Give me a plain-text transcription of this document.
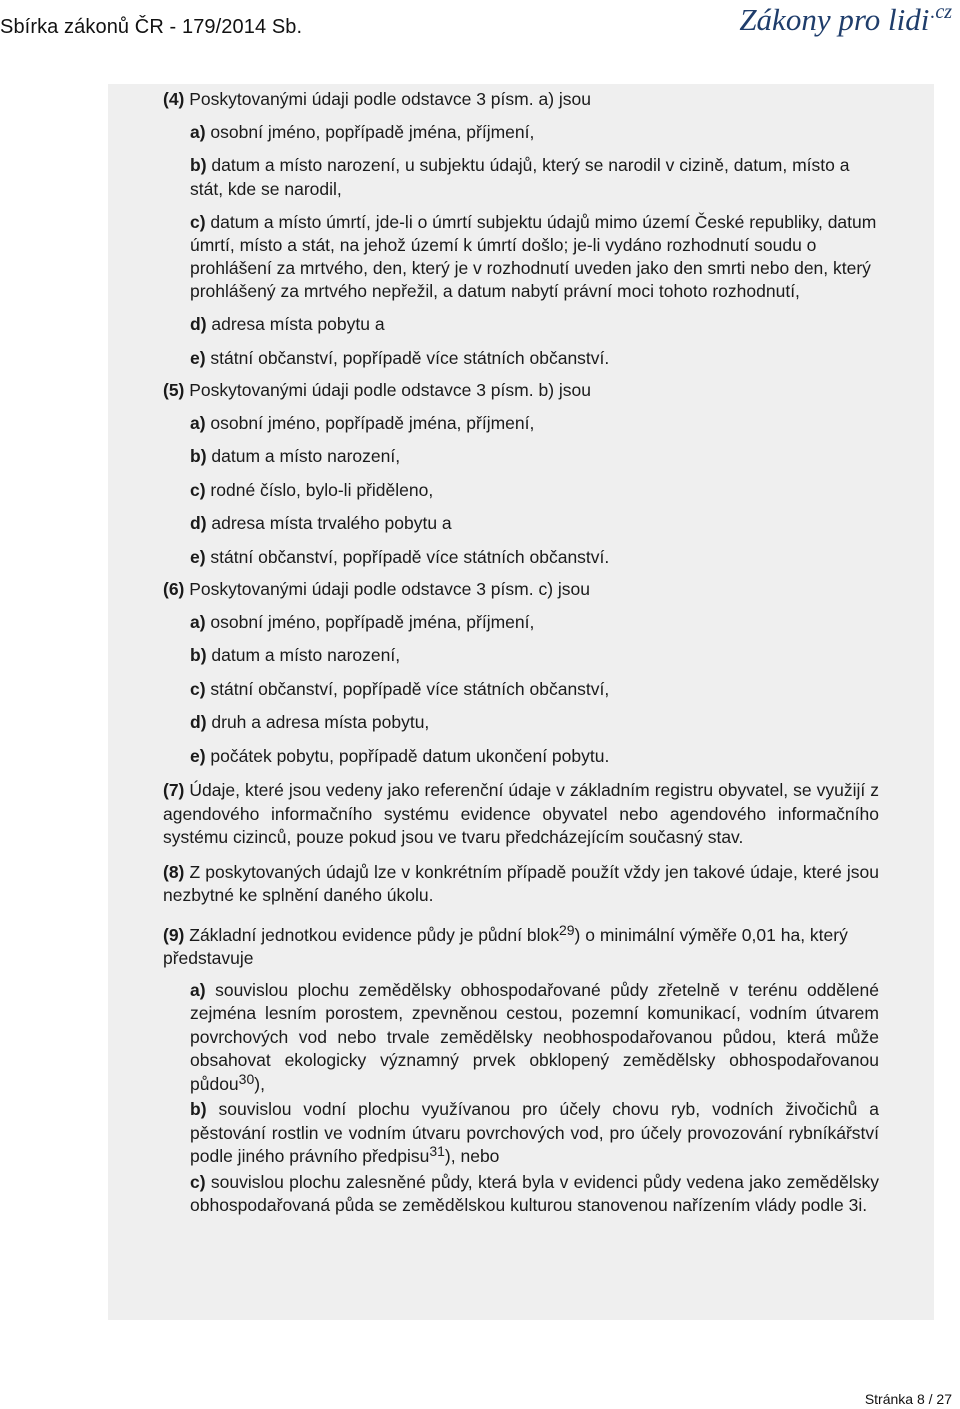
Sbírka zákonů ČR - 179/2014 Sb.	Zákony pro lidi$^{.cz}$

(4) Poskytovanými údaji podle odstavce 3 písm. a) jsou

a) osobní jméno, popřípadě jména, příjmení,

b) datum a místo narození, u subjektu údajů, který se narodil v cizině, datum, místo a stát, kde se narodil,

c) datum a místo úmrtí, jde-li o úmrtí subjektu údajů mimo území České republiky, datum úmrtí, místo a stát, na jehož území k úmrtí došlo; je-li vydáno rozhodnutí soudu o prohlášení za mrtvého, den, který je v rozhodnutí uveden jako den smrti nebo den, který prohlášený za mrtvého nepřežil, a datum nabytí právní moci tohoto rozhodnutí,

d) adresa místa pobytu a

e) státní občanství, popřípadě více státních občanství.

(5) Poskytovanými údaji podle odstavce 3 písm. b) jsou

a) osobní jméno, popřípadě jména, příjmení,

b) datum a místo narození,

c) rodné číslo, bylo-li přiděleno,

d) adresa místa trvalého pobytu a

e) státní občanství, popřípadě více státních občanství.

(6) Poskytovanými údaji podle odstavce 3 písm. c) jsou

a) osobní jméno, popřípadě jména, příjmení,

b) datum a místo narození,

c) státní občanství, popřípadě více státních občanství,

d) druh a adresa místa pobytu,

e) počátek pobytu, popřípadě datum ukončení pobytu.

(7) Údaje, které jsou vedeny jako referenční údaje v základním registru obyvatel, se využijí z agendového informačního systému evidence obyvatel nebo agendového informačního systému cizinců, pouze pokud jsou ve tvaru předcházejícím současný stav.

(8) Z poskytovaných údajů lze v konkrétním případě použít vždy jen takové údaje, které jsou nezbytné ke splnění daného úkolu.

(9) Základní jednotkou evidence půdy je půdní blok$^{29}$) o minimální výměře 0,01 ha, který představuje

a) souvislou plochu zemědělsky obhospodařované půdy zřetelně v terénu oddělené zejména lesním porostem, zpevněnou cestou, pozemní komunikací, vodním útvarem povrchových vod nebo trvale zemědělsky neobhospodařovanou půdou, která může obsahovat ekologicky významný prvek obklopený zemědělsky obhospodařovanou půdou$^{30}$),

b) souvislou vodní plochu využívanou pro účely chovu ryb, vodních živočichů a pěstování rostlin ve vodním útvaru povrchových vod, pro účely provozování rybníkářství podle jiného právního předpisu$^{31}$), nebo

c) souvislou plochu zalesněné půdy, která byla v evidenci půdy vedena jako zemědělsky obhospodařovaná půda se zemědělskou kulturou stanovenou nařízením vlády podle 3i.

Stránka 8 / 27
